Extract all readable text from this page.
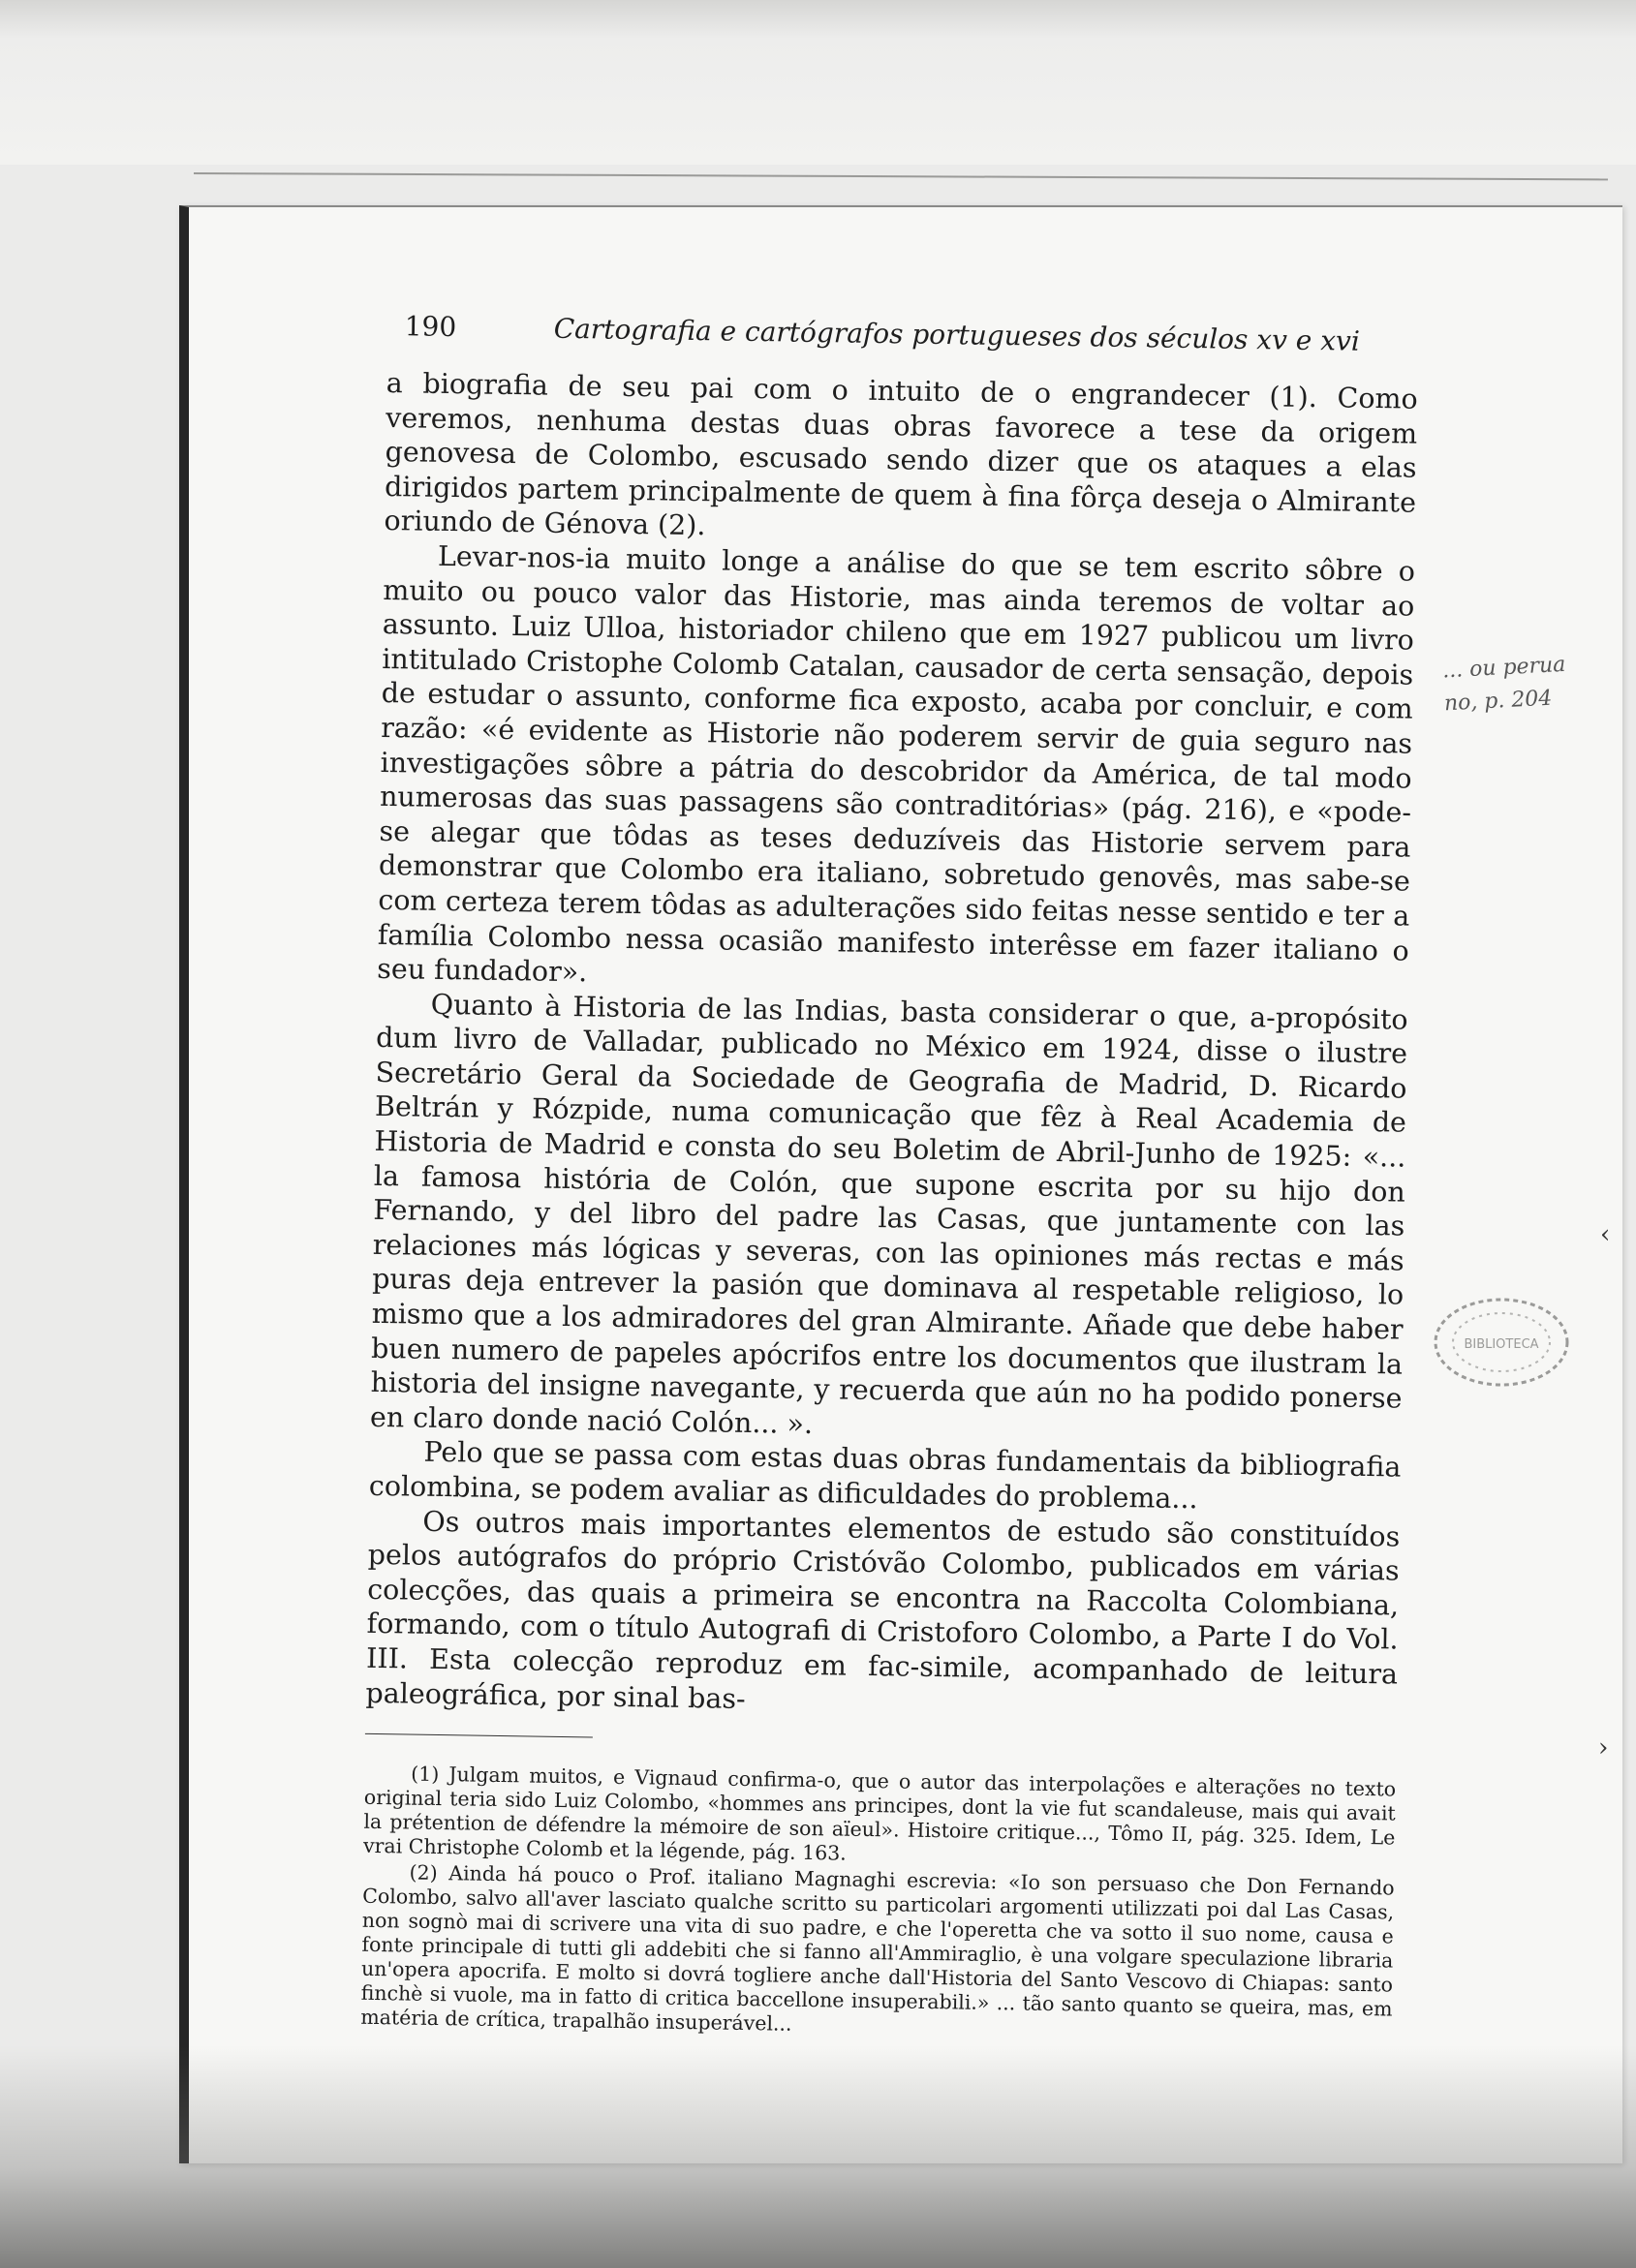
190	Cartografia e cartógrafos portugueses dos séculos xv e xvi

a biografia de seu pai com o intuito de o engrandecer (1). Como veremos, nenhuma destas duas obras favorece a tese da origem genovesa de Colombo, escusado sendo dizer que os ataques a elas dirigidos partem principalmente de quem à fina fôrça deseja o Almirante oriundo de Génova (2).

Levar-nos-ia muito longe a análise do que se tem escrito sôbre o muito ou pouco valor das Historie, mas ainda teremos de voltar ao assunto. Luiz Ulloa, historiador chileno que em 1927 publicou um livro intitulado Cristophe Colomb Catalan, causador de certa sensação, depois de estudar o assunto, conforme fica exposto, acaba por concluir, e com razão: «é evidente as Historie não poderem servir de guia seguro nas investigações sôbre a pátria do descobridor da América, de tal modo numerosas das suas passagens são contraditórias» (pág. 216), e «pode-se alegar que tôdas as teses deduzíveis das Historie servem para demonstrar que Colombo era italiano, sobretudo genovês, mas sabe-se com certeza terem tôdas as adulterações sido feitas nesse sentido e ter a família Colombo nessa ocasião manifesto interêsse em fazer italiano o seu fundador».

Quanto à Historia de las Indias, basta considerar o que, a-propósito dum livro de Valladar, publicado no México em 1924, disse o ilustre Secretário Geral da Sociedade de Geografia de Madrid, D. Ricardo Beltrán y Rózpide, numa comunicação que fêz à Real Academia de Historia de Madrid e consta do seu Boletim de Abril-Junho de 1925: «... la famosa história de Colón, que supone escrita por su hijo don Fernando, y del libro del padre las Casas, que juntamente con las relaciones más lógicas y severas, con las opiniones más rectas e más puras deja entrever la pasión que dominava al respetable religioso, lo mismo que a los admiradores del gran Almirante. Añade que debe haber buen numero de papeles apócrifos entre los documentos que ilustram la historia del insigne navegante, y recuerda que aún no ha podido ponerse en claro donde nació Colón... ».

Pelo que se passa com estas duas obras fundamentais da bibliografia colombina, se podem avaliar as dificuldades do problema...

Os outros mais importantes elementos de estudo são constituídos pelos autógrafos do próprio Cristóvão Colombo, publicados em várias colecções, das quais a primeira se encontra na Raccolta Colombiana, formando, com o título Autografi di Cristoforo Colombo, a Parte I do Vol. III. Esta colecção reproduz em fac-simile, acompanhado de leitura paleográfica, por sinal bas-

(1) Julgam muitos, e Vignaud confirma-o, que o autor das interpolações e alterações no texto original teria sido Luiz Colombo, «hommes ans principes, dont la vie fut scandaleuse, mais qui avait la prétention de défendre la mémoire de son aïeul». Histoire critique..., Tômo II, pág. 325. Idem, Le vrai Christophe Colomb et la légende, pág. 163.

(2) Ainda há pouco o Prof. italiano Magnaghi escrevia: «Io son persuaso che Don Fernando Colombo, salvo all'aver lasciato qualche scritto su particolari argomenti utilizzati poi dal Las Casas, non sognò mai di scrivere una vita di suo padre, e che l'operetta che va sotto il suo nome, causa e fonte principale di tutti gli addebiti che si fanno all'Ammiraglio, è una volgare speculazione libraria un'opera apocrifa. E molto si dovrá togliere anche dall'Historia del Santo Vescovo di Chiapas: santo finchè si vuole, ma in fatto di critica baccellone insuperabili.» ... tão santo quanto se queira, mas, em matéria de crítica, trapalhão insuperável...

... ou perua
no, p. 204
BIBLIOTECA
‹
›
